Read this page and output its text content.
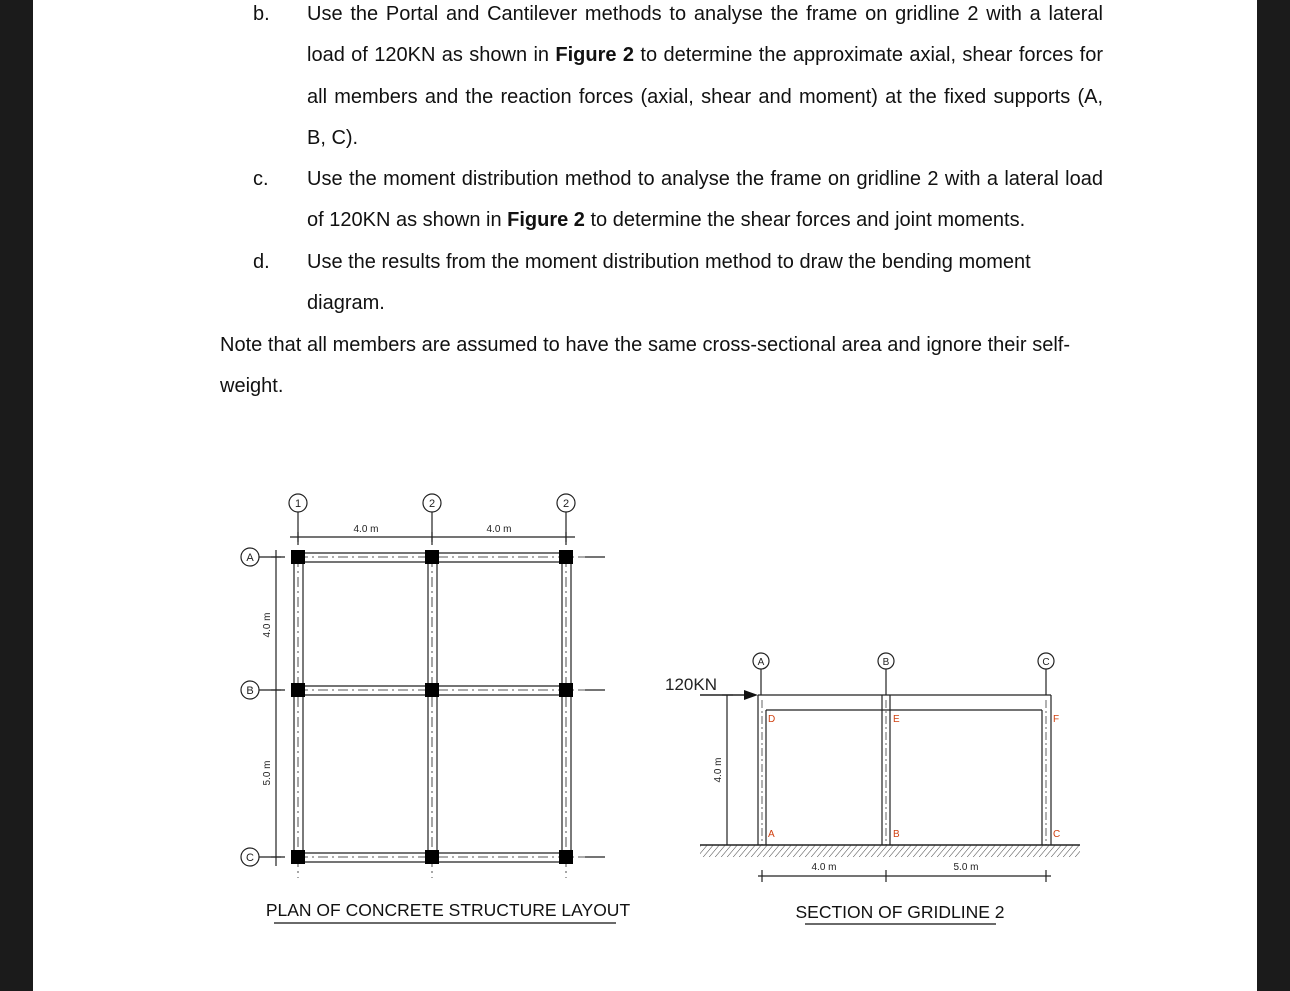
b.	Use the Portal and Cantilever methods to analyse the frame on gridline 2 with a lateral load of 120KN as shown in Figure 2 to determine the approximate axial, shear forces for all members and the reaction forces (axial, shear and moment) at the fixed supports (A, B, C).
c.	Use the moment distribution method to analyse the frame on gridline 2 with a lateral load of 120KN as shown in Figure 2 to determine the shear forces and joint moments.
d.	Use the results from the moment distribution method to draw the bending moment diagram.
Note that all members are assumed to have the same cross-sectional area and ignore their self-weight.
1	2	2
A
B
C
4.0 m	4.0 m
4.0 m
5.0 m
PLAN OF CONCRETE STRUCTURE LAYOUT
A	B	C
120KN
4.0 m
4.0 m	5.0 m
D	E	F
A	B	C
SECTION OF GRIDLINE 2
